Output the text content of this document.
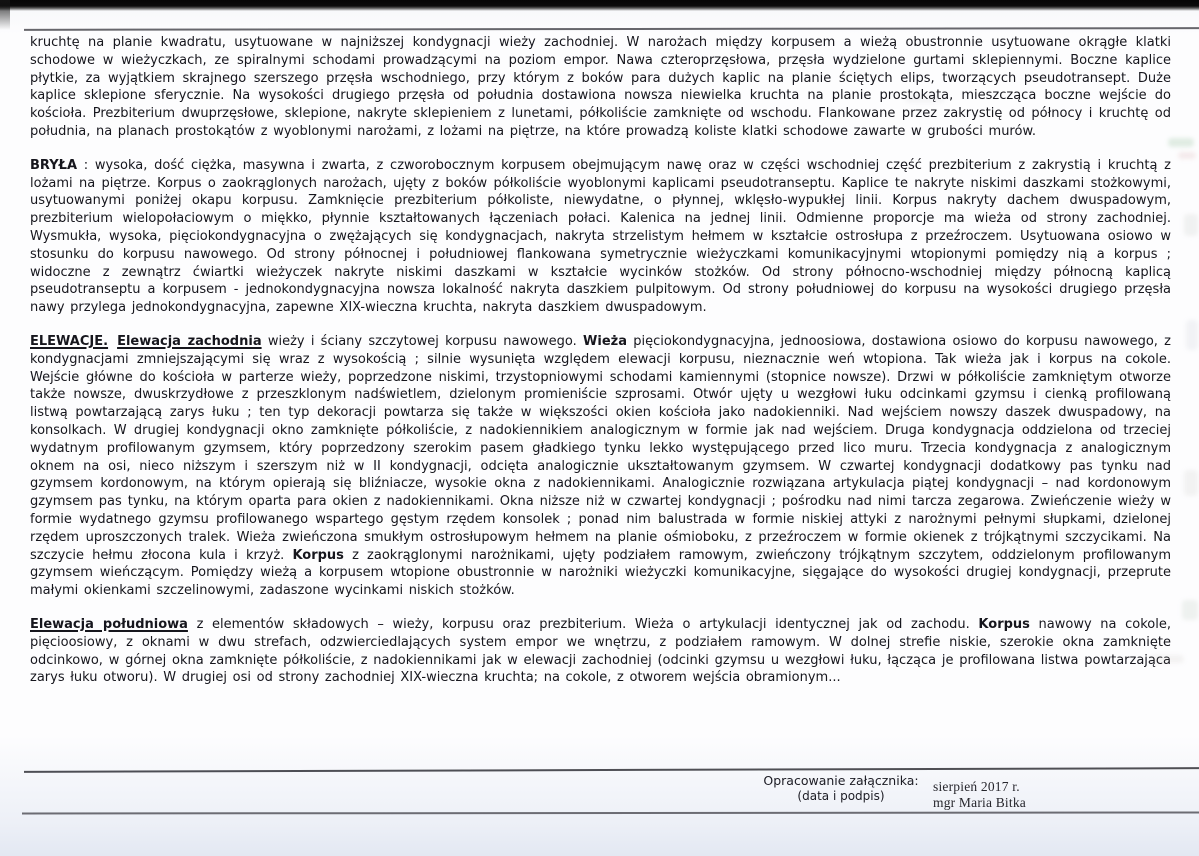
kruchtę na planie kwadratu, usytuowane w najniższej kondygnacji wieży zachodniej. W narożach między korpusem a wieżą obustronnie usytuowane okrągłe klatki schodowe w wieżyczkach, ze spiralnymi schodami prowadzącymi na poziom empor. Nawa czteroprzęsłowa, przęsła wydzielone gurtami sklepiennymi. Boczne kaplice płytkie, za wyjątkiem skrajnego szerszego przęsła wschodniego, przy którym z boków para dużych kaplic na planie ściętych elips, tworzących pseudotransept. Duże kaplice sklepione sferycznie. Na wysokości drugiego przęsła od południa dostawiona nowsza niewielka kruchta na planie prostokąta, mieszcząca boczne wejście do kościoła. Prezbiterium dwuprzęsłowe, sklepione, nakryte sklepieniem z lunetami, półkoliście zamknięte od wschodu. Flankowane przez zakrystię od północy i kruchtę od południa, na planach prostokątów z wyoblonymi narożami, z lożami na piętrze, na które prowadzą koliste klatki schodowe zawarte w grubości murów.

BRYŁA : wysoka, dość ciężka, masywna i zwarta, z czworobocznym korpusem obejmującym nawę oraz w części wschodniej część prezbiterium z zakrystią i kruchtą z lożami na piętrze. Korpus o zaokrąglonych narożach, ujęty z boków półkoliście wyoblonymi kaplicami pseudotranseptu. Kaplice te nakryte niskimi daszkami stożkowymi, usytuowanymi poniżej okapu korpusu. Zamknięcie prezbiterium półkoliste, niewydatne, o płynnej, wklęsło-wypukłej linii. Korpus nakryty dachem dwuspadowym, prezbiterium wielopołaciowym o miękko, płynnie kształtowanych łączeniach połaci. Kalenica na jednej linii. Odmienne proporcje ma wieża od strony zachodniej. Wysmukła, wysoka, pięciokondygnacyjna o zwężających się kondygnacjach, nakryta strzelistym hełmem w kształcie ostrosłupa z przeźroczem. Usytuowana osiowo w stosunku do korpusu nawowego. Od strony północnej i południowej flankowana symetrycznie wieżyczkami komunikacyjnymi wtopionymi pomiędzy nią a korpus ; widoczne z zewnątrz ćwiartki wieżyczek nakryte niskimi daszkami w kształcie wycinków stożków. Od strony północno-wschodniej między północną kaplicą pseudotranseptu a korpusem - jednokondygnacyjna nowsza lokalność nakryta daszkiem pulpitowym. Od strony południowej do korpusu na wysokości drugiego przęsła nawy przylega jednokondygnacyjna, zapewne XIX-wieczna kruchta, nakryta daszkiem dwuspadowym.

ELEWACJE. Elewacja zachodnia wieży i ściany szczytowej korpusu nawowego. Wieża pięciokondygnacyjna, jednoosiowa, dostawiona osiowo do korpusu nawowego, z kondygnacjami zmniejszającymi się wraz z wysokością ; silnie wysunięta względem elewacji korpusu, nieznacznie weń wtopiona. Tak wieża jak i korpus na cokole. Wejście główne do kościoła w parterze wieży, poprzedzone niskimi, trzystopniowymi schodami kamiennymi (stopnice nowsze). Drzwi w półkoliście zamkniętym otworze także nowsze, dwuskrzydłowe z przeszklonym nadświetlem, dzielonym promieniście szprosami. Otwór ujęty u wezgłowi łuku odcinkami gzymsu i cienką profilowaną listwą powtarzającą zarys łuku ; ten typ dekoracji powtarza się także w większości okien kościoła jako nadokienniki. Nad wejściem nowszy daszek dwuspadowy, na konsolkach. W drugiej kondygnacji okno zamknięte półkoliście, z nadokiennikiem analogicznym w formie jak nad wejściem. Druga kondygnacja oddzielona od trzeciej wydatnym profilowanym gzymsem, który poprzedzony szerokim pasem gładkiego tynku lekko występującego przed lico muru. Trzecia kondygnacja z analogicznym oknem na osi, nieco niższym i szerszym niż w II kondygnacji, odcięta analogicznie ukształtowanym gzymsem. W czwartej kondygnacji dodatkowy pas tynku nad gzymsem kordonowym, na którym opierają się bliźniacze, wysokie okna z nadokiennikami. Analogicznie rozwiązana artykulacja piątej kondygnacji – nad kordonowym gzymsem pas tynku, na którym oparta para okien z nadokiennikami. Okna niższe niż w czwartej kondygnacji ; pośrodku nad nimi tarcza zegarowa. Zwieńczenie wieży w formie wydatnego gzymsu profilowanego wspartego gęstym rzędem konsolek ; ponad nim balustrada w formie niskiej attyki z narożnymi pełnymi słupkami, dzielonej rzędem uproszczonych tralek. Wieża zwieńczona smukłym ostrosłupowym hełmem na planie ośmioboku, z przeźroczem w formie okienek z trójkątnymi szczycikami. Na szczycie hełmu złocona kula i krzyż. Korpus z zaokrąglonymi narożnikami, ujęty podziałem ramowym, zwieńczony trójkątnym szczytem, oddzielonym profilowanym gzymsem wieńczącym. Pomiędzy wieżą a korpusem wtopione obustronnie w narożniki wieżyczki komunikacyjne, sięgające do wysokości drugiej kondygnacji, przeprute małymi okienkami szczelinowymi, zadaszone wycinkami niskich stożków.

Elewacja południowa z elementów składowych – wieży, korpusu oraz prezbiterium. Wieża o artykulacji identycznej jak od zachodu. Korpus nawowy na cokole, pięcioosiowy, z oknami w dwu strefach, odzwierciedlających system empor we wnętrzu, z podziałem ramowym. W dolnej strefie niskie, szerokie okna zamknięte odcinkowo, w górnej okna zamknięte półkoliście, z nadokiennikami jak w elewacji zachodniej (odcinki gzymsu u wezgłowi łuku, łącząca je profilowana listwa powtarzająca zarys łuku otworu). W drugiej osi od strony zachodniej XIX-wieczna kruchta; na cokole, z otworem wejścia obramionym...

Opracowanie załącznika:
(data i podpis)
sierpień 2017 r.
mgr Maria Bitka
